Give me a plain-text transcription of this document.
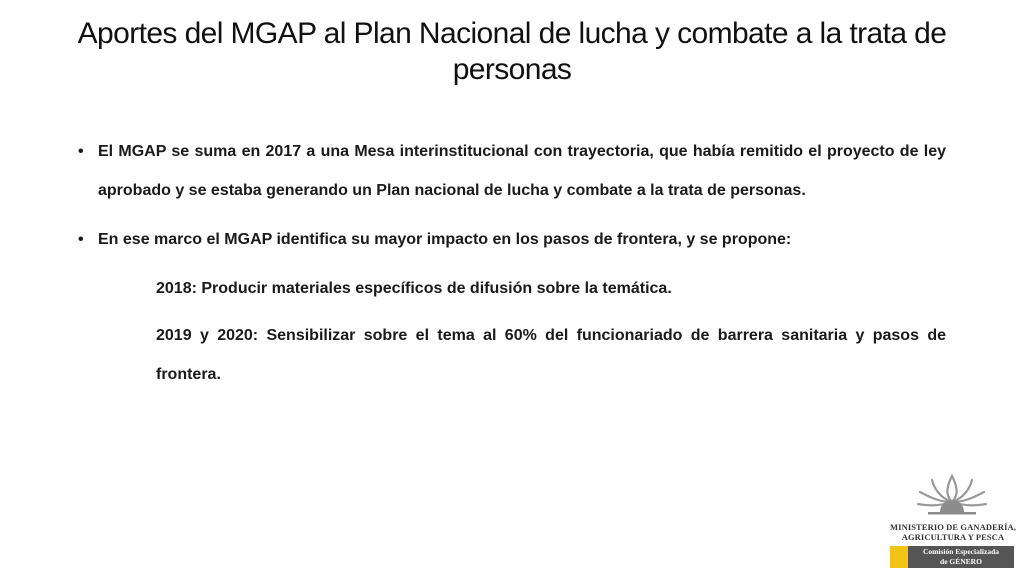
Aportes del MGAP al Plan Nacional de lucha y combate a la trata de personas
• El MGAP se suma en 2017 a una Mesa interinstitucional con trayectoria, que había remitido el proyecto de ley aprobado y se estaba generando un Plan nacional de lucha y combate a la trata de personas.
• En ese marco el MGAP identifica su mayor impacto en los pasos de frontera, y se propone:
2018: Producir materiales específicos de difusión sobre la temática.
2019 y 2020: Sensibilizar sobre el tema al 60% del funcionariado de barrera sanitaria y pasos de frontera.
MINISTERIO DE GANADERÍA,
AGRICULTURA Y PESCA
Comisión Especializada
de GÉNERO
